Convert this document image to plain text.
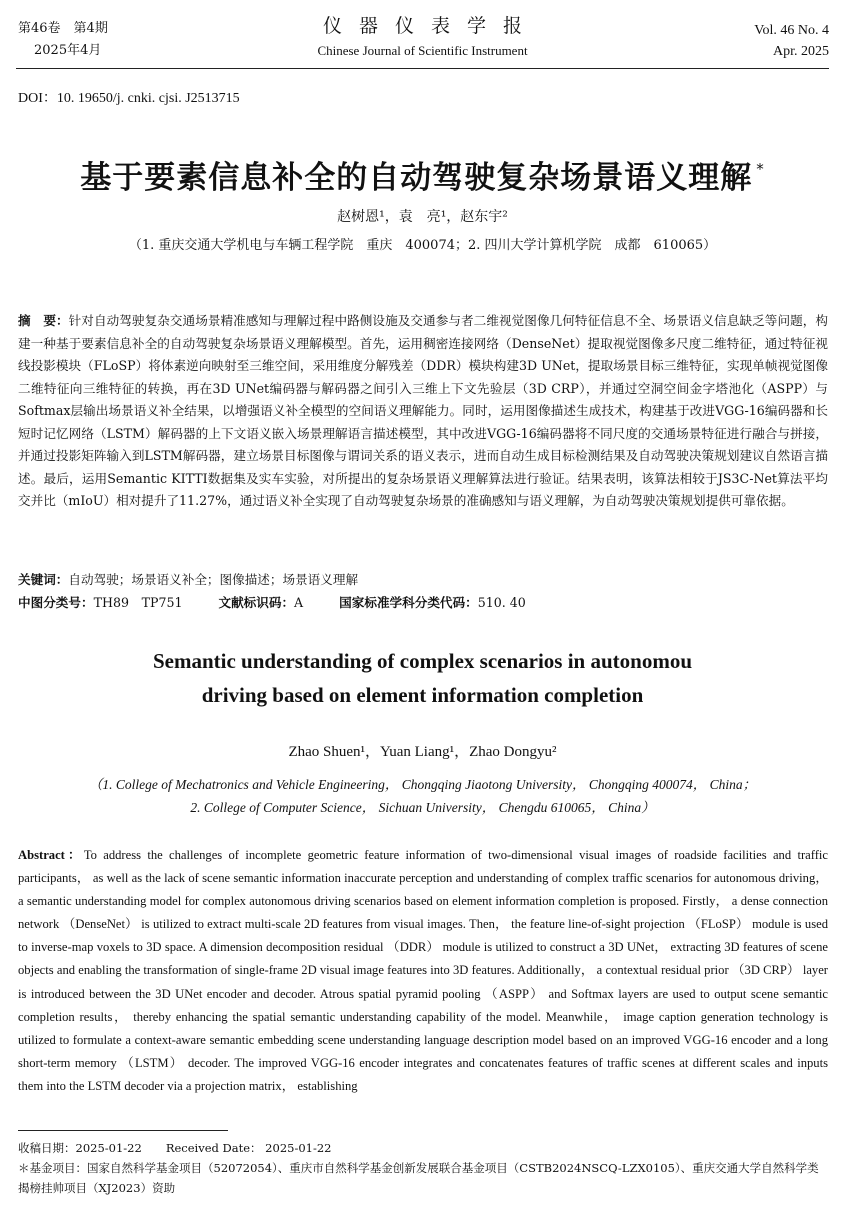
第46卷　第4期
2025年4月
仪器仪表学报
Chinese Journal of Scientific Instrument
Vol. 46 No. 4
Apr. 2025
DOI：10. 19650/j. cnki. cjsi. J2513715
基于要素信息补全的自动驾驶复杂场景语义理解 *
赵树恩¹，袁　亮¹，赵东宇²
（1. 重庆交通大学机电与车辆工程学院　重庆　400074；2. 四川大学计算机学院　成都　610065）
摘　要：针对自动驾驶复杂交通场景精准感知与理解过程中路侧设施及交通参与者二维视觉图像几何特征信息不全、场景语义信息缺乏等问题，构建一种基于要素信息补全的自动驾驶复杂场景语义理解模型。首先，运用稠密连接网络（DenseNet）提取视觉图像多尺度二维特征，通过特征视线投影模块（FLoSP）将体素逆向映射至三维空间，采用维度分解残差（DDR）模块构建3D UNet，提取场景目标三维特征，实现单帧视觉图像二维特征向三维特征的转换，再在3D UNet编码器与解码器之间引入三维上下文先验层（3D CRP），并通过空洞空间金字塔池化（ASPP）与Softmax层输出场景语义补全结果，以增强语义补全模型的空间语义理解能力。同时，运用图像描述生成技术，构建基于改进VGG-16编码器和长短时记忆网络（LSTM）解码器的上下文语义嵌入场景理解语言描述模型，其中改进VGG-16编码器将不同尺度的交通场景特征进行融合与拼接，并通过投影矩阵输入到LSTM解码器，建立场景目标图像与谓词关系的语义表示，进而自动生成目标检测结果及自动驾驶决策规划建议自然语言描述。最后，运用Semantic KITTI数据集及实车实验，对所提出的复杂场景语义理解算法进行验证。结果表明，该算法相较于JS3C-Net算法平均交并比（mIoU）相对提升了11.27%，通过语义补全实现了自动驾驶复杂场景的准确感知与语义理解，为自动驾驶决策规划提供可靠依据。
关键词：自动驾驶；场景语义补全；图像描述；场景语义理解
中图分类号：TH89　TP751	文献标识码：A	国家标准学科分类代码：510. 40
Semantic understanding of complex scenarios in autonomou
driving based on element information completion
Zhao Shuen¹，Yuan Liang¹，Zhao Dongyu²
（1. College of Mechatronics and Vehicle Engineering， Chongqing Jiaotong University， Chongqing 400074， China；
2. College of Computer Science， Sichuan University， Chengdu 610065， China）
Abstract：To address the challenges of incomplete geometric feature information of two-dimensional visual images of roadside facilities and traffic participants， as well as the lack of scene semantic information inaccurate perception and understanding of complex traffic scenarios for autonomous driving， a semantic understanding model for complex autonomous driving scenarios based on element information completion is proposed. Firstly， a dense connection network （DenseNet） is utilized to extract multi-scale 2D features from visual images. Then， the feature line-of-sight projection （FLoSP） module is used to inverse-map voxels to 3D space. A dimension decomposition residual （DDR） module is utilized to construct a 3D UNet， extracting 3D features of scene objects and enabling the transformation of single-frame 2D visual image features into 3D features. Additionally， a contextual residual prior （3D CRP） layer is introduced between the 3D UNet encoder and decoder. Atrous spatial pyramid pooling （ASPP） and Softmax layers are used to output scene semantic completion results， thereby enhancing the spatial semantic understanding capability of the model. Meanwhile， image caption generation technology is utilized to formulate a context-aware semantic embedding scene understanding language description model based on an improved VGG-16 encoder and a long short-term memory （LSTM） decoder. The improved VGG-16 encoder integrates and concatenates features of traffic scenes at different scales and inputs them into the LSTM decoder via a projection matrix， establishing
收稿日期：2025-01-22 Received Date： 2025-01-22
＊基金项目：国家自然科学基金项目（52072054）、重庆市自然科学基金创新发展联合基金项目（CSTB2024NSCQ-LZX0105）、重庆交通大学自然科学类揭榜挂帅项目（XJ2023）资助
